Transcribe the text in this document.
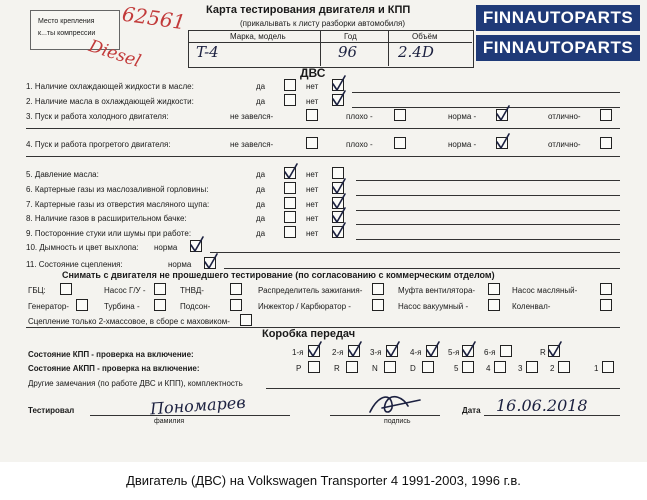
Место крепления
к...ты компрессии 62561
Diesel
Карта тестирования двигателя и КПП
(прикалывать к листу разборки автомобиля)
Марка, модель	Год	Объём
T-4	96	2.4D
FINNAUTOPARTS
FINNAUTOPARTS
ДВС
1. Наличие охлаждающей жидкости в масле:	да	нет
2. Наличие масла в охлаждающей жидкости:	да	нет
3. Пуск и работа холодного двигателя:	не завелся-	плохо -	норма -	отлично-
4. Пуск и работа прогретого двигателя:	не завелся-	плохо -	норма -	отлично-
5. Давление масла:	да	нет
6. Картерные газы из маслозаливной горловины:	да	нет
7. Картерные газы из отверстия масляного щупа:	да	нет
8. Наличие газов в расширительном бачке:	да	нет
9. Посторонние стуки или шумы при работе:	да	нет
10. Дымность и цвет выхлопа: норма
11. Состояние сцепления:	норма
Снимать с двигателя не прошедшего тестирование (по согласованию с коммерческим отделом)
ГБЦ:	Насос Г/У -	ТНВД-	Распределитель зажигания-	Муфта вентилятора-	Насос масляный-
Генератор-	Турбина -	Подсон-	Инжектор / Карбюратор -	Насос вакуумный -	Коленвал-
Сцепление только 2-хмассовое, в сборе с маховиком-
Коробка передач
Состояние КПП - проверка на включение:
Состояние АКПП - проверка на включение:
1-я	2-я	3-я	4-я	5-я	6-я	R
P	R	N	D	5	4	3	2	1
Другие замечания (по работе ДВС и КПП), комплектность
Тестировал	Пономарев
фамилия	подпись
Дата 16.06.2018
Двигатель (ДВС) на Volkswagen Transporter 4 1991-2003, 1996 г.в.
